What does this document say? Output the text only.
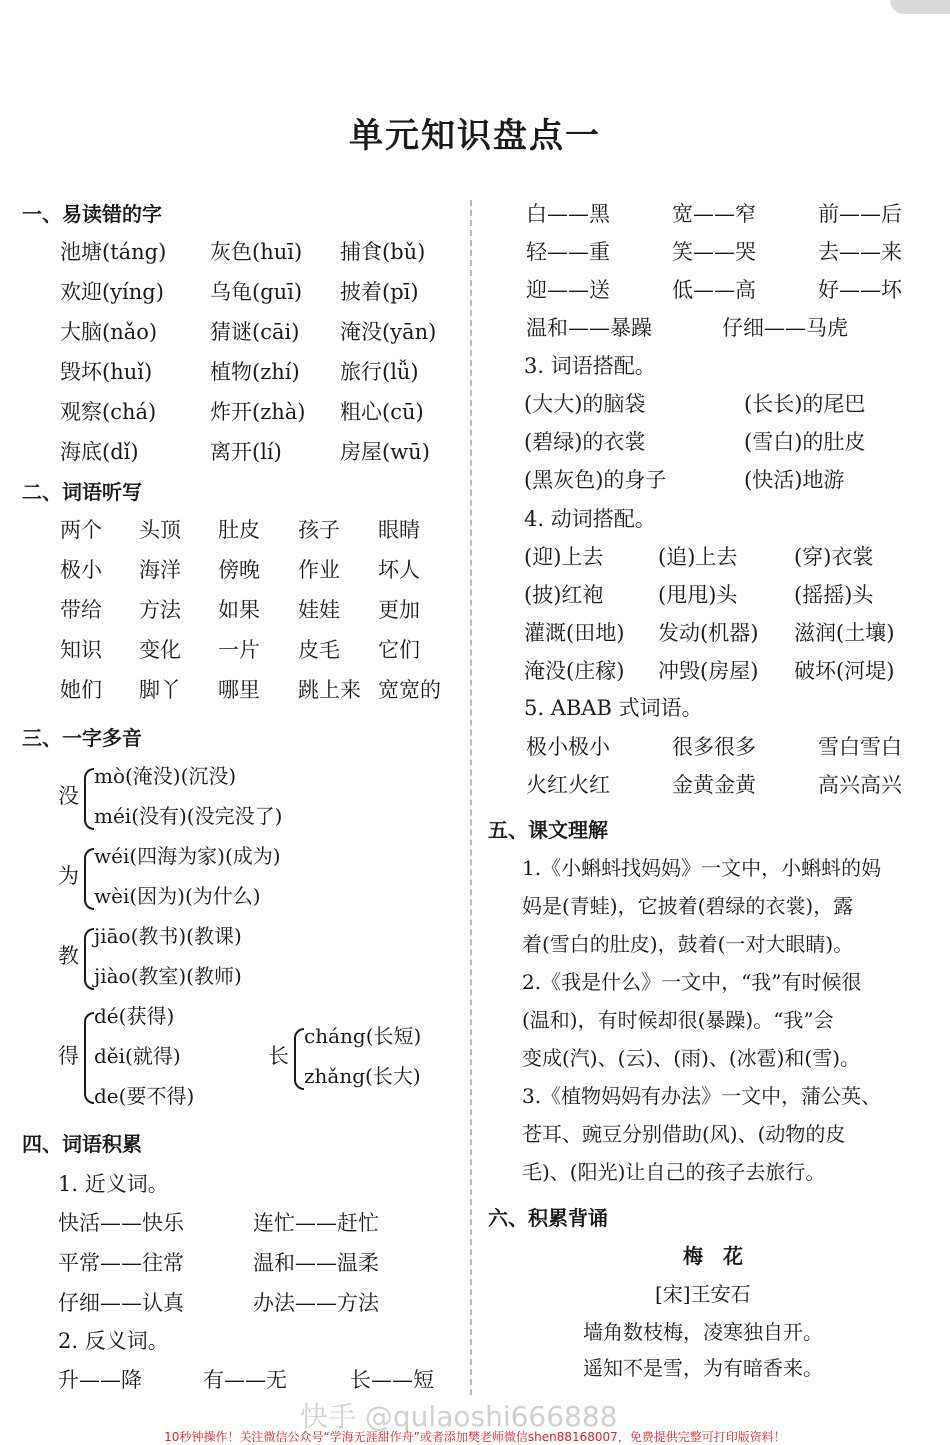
单元知识盘点一
一、易读错的字
池塘(táng) 灰色(huī) 捕食(bǔ)
欢迎(yíng) 乌龟(guī) 披着(pī)
大脑(nǎo)	猜谜(cāi) 淹没(yān)
毁坏(huǐ)	植物(zhí) 旅行(lǚ)
观察(chá)	炸开(zhà) 粗心(cū)
海底(dǐ)	离开(lí)	房屋(wū)
二、词语听写
两个 头顶 肚皮 孩子 眼睛
极小 海洋 傍晚 作业 坏人
带给 方法 如果 娃娃 更加
知识 变化 一片 皮毛 它们
她们 脚丫 哪里 跳上来 宽宽的
三、一字多音
没
mò(淹没)(沉没)
méi(没有)(没完没了)
为
wéi(四海为家)(成为)
wèi(因为)(为什么)
教
jiāo(教书)(教课)
jiào(教室)(教师)
得
dé(获得)
děi(就得)
de(要不得)
长
cháng(长短)
zhǎng(长大)
四、词语积累
1. 近义词。
快活——快乐	连忙——赶忙
平常——往常	温和——温柔
仔细——认真	办法——方法
2. 反义词。
升——降	有——无	长——短
白——黑	宽——窄	前——后
轻——重	笑——哭	去——来
迎——送	低——高	好——坏
温和——暴躁	仔细——马虎
3. 词语搭配。
(大大)的脑袋	(长长)的尾巴
(碧绿)的衣裳	(雪白)的肚皮
(黑灰色)的身子	(快活)地游
4. 动词搭配。
(迎)上去	(追)上去	(穿)衣裳
(披)红袍	(甩甩)头	(摇摇)头
灌溉(田地) 发动(机器) 滋润(土壤)
淹没(庄稼) 冲毁(房屋) 破坏(河堤)
5. ABAB 式词语。
极小极小	很多很多	雪白雪白
火红火红	金黄金黄	高兴高兴
五、课文理解
1.《小蝌蚪找妈妈》一文中，小蝌蚪的妈
妈是(青蛙)，它披着(碧绿的衣裳)，露
着(雪白的肚皮)，鼓着(一对大眼睛)。
2.《我是什么》一文中，“我”有时候很
(温和)，有时候却很(暴躁)。“我”会
变成(汽)、(云)、(雨)、(冰雹)和(雪)。
3.《植物妈妈有办法》一文中，蒲公英、
苍耳、豌豆分别借助(风)、(动物的皮
毛)、(阳光)让自己的孩子去旅行。
六、积累背诵
梅　花
[宋]王安石
墙角数枝梅，凌寒独自开。
遥知不是雪，为有暗香来。
快手 @qulaoshi666888
10秒钟操作！关注微信公众号“学海无涯甜作舟”或者添加樊老师微信shen88168007，免费提供完整可打印版资料！
